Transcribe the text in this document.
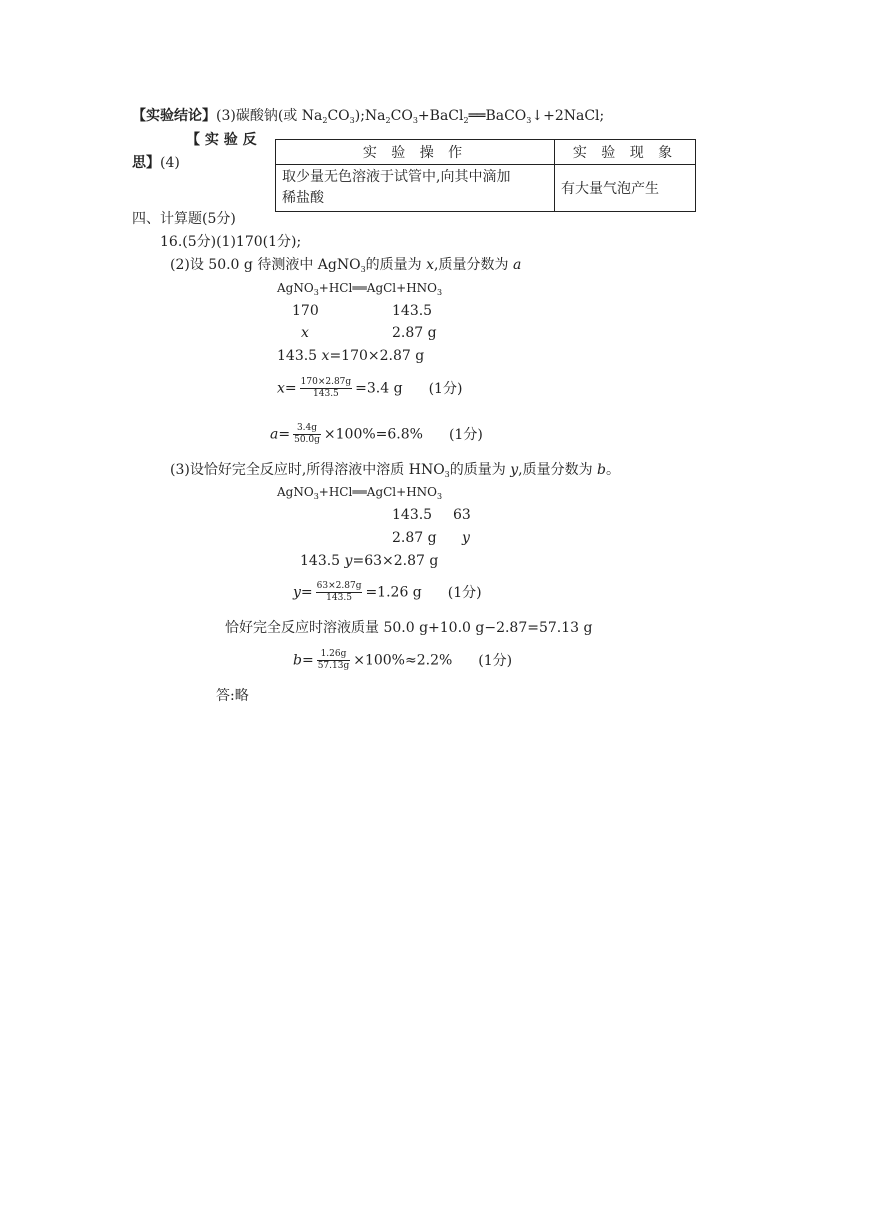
【实验结论】(3)碳酸钠(或 $Na_2CO_3);Na_2CO_3+BaCl_2══BaCO_3↓+2NaCl$;
【 实 验 反
思】(4)
实 验 操 作	实 验 现 象
取少量无色溶液于试管中,向其中滴加
稀盐酸	有大量气泡产生
四、计算题(5分)
16.(5分)(1)170(1分);
(2)设 50.0 g 待测液中 AgNO$_3$的质量为 x,质量分数为 a
$AgNO_3+HCl══AgCl+HNO_3$
170	143.5
x	2.87 g
143.5 x=170×2.87 g
$x= \frac{170\times 2.87g}{143.5} =3.4$ g (1分)
$a= \frac{3.4g}{50.0g} \times 100\%=6.8\%$ (1分)
(3)设恰好完全反应时,所得溶液中溶质 $HNO_3$的质量为 y,质量分数为 b。
$AgNO_3+HCl══AgCl+HNO_3$
143.5 63
2.87 g y
143.5 y=63×2.87 g
$y= \frac{63\times 2.87g}{143.5} =1.26$ g (1分)
恰好完全反应时溶液质量 50.0 g+10.0 g−2.87=57.13 g
$b= \frac{1.26g}{57.13g} \times 100\%\approx 2.2\%$ (1分)
答:略
